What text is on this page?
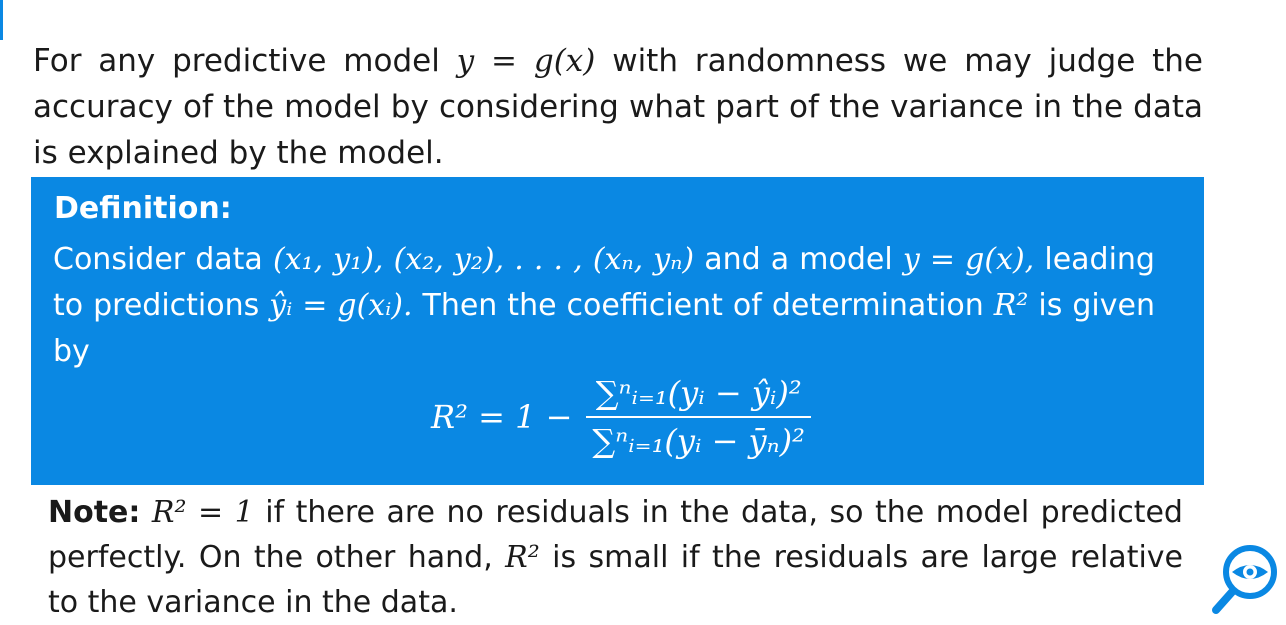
For any predictive model y = g(x) with randomness we may judge the accuracy of the model by considering what part of the variance in the data is explained by the model.

Definition:

Consider data (x₁, y₁), (x₂, y₂), . . . , (xₙ, yₙ) and a model y = g(x), leading to predictions ŷᵢ = g(xᵢ). Then the coefficient of determination R² is given by

$R^2 = 1 - \frac{\text{∑ⁿᵢ₌₁(yᵢ − ŷᵢ)²}}{\text{∑ⁿᵢ₌₁(yᵢ − ȳₙ)²}}$

Note: R² = 1 if there are no residuals in the data, so the model predicted perfectly. On the other hand, R² is small if the residuals are large relative to the variance in the data.
